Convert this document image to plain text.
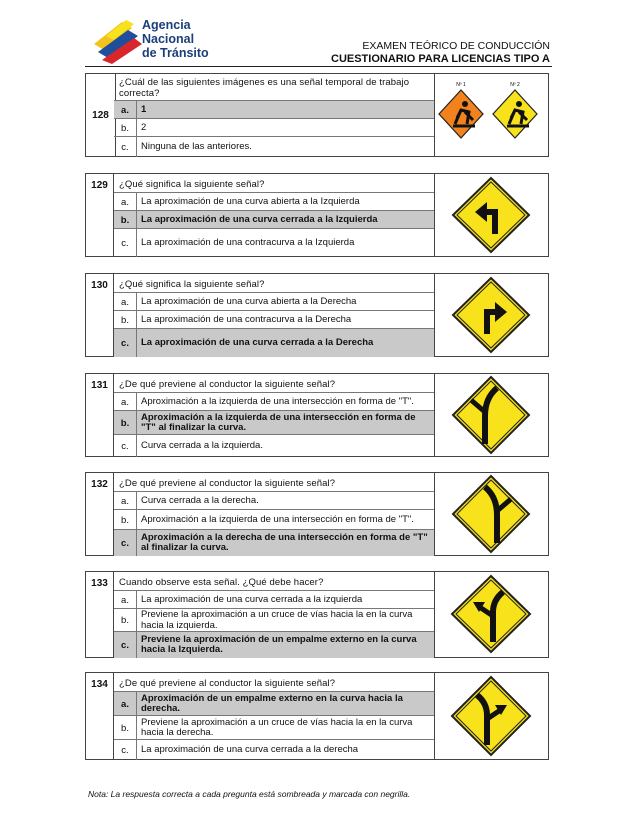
Agencia
Nacional
de Tránsito	EXAMEN TEÓRICO DE CONDUCCIÓN
CUESTIONARIO PARA LICENCIAS TIPO A
128
¿Cuál de las siguientes imágenes es una señal temporal de trabajo correcta?
a.	1
b.	2
c.	Ninguna de las anteriores.
Nº 1	Nº 2
129	¿Qué significa la siguiente señal?
a.	La aproximación de una curva abierta a la Izquierda
b.	La aproximación de una curva cerrada a la Izquierda
c.	La aproximación de una contracurva a la Izquierda
130	¿Qué significa la siguiente señal?
a.	La aproximación de una curva abierta a la Derecha
b.	La aproximación de una contracurva a la Derecha
c.	La aproximación de una curva cerrada a la Derecha
131	¿De qué previene al conductor la siguiente señal?
a.	Aproximación a la izquierda de una intersección en forma de "T".
b.
Aproximación a la izquierda de una intersección en forma de "T" al finalizar la curva.
c.	Curva cerrada a la izquierda.
132	¿De qué previene al conductor la siguiente señal?
a.	Curva cerrada a la derecha.
b.	Aproximación a la izquierda de una intersección en forma de "T".
c.
Aproximación a la derecha de una intersección en forma de "T" al finalizar la curva.
133	Cuando observe esta señal. ¿Qué debe hacer?
a.	La aproximación de una curva cerrada a la izquierda
b.
Previene la aproximación a un cruce de vías hacia la en la curva hacia la izquierda.
c.
Previene la aproximación de un empalme externo en la curva hacia la Izquierda.
134	¿De qué previene al conductor la siguiente señal?
a.
Aproximación de un empalme externo en la curva hacia la derecha.
b.
Previene la aproximación a un cruce de vías hacia la en la curva hacia la derecha.
c.	La aproximación de una curva cerrada a la derecha
Nota: La respuesta correcta a cada pregunta está sombreada y marcada con negrilla.
